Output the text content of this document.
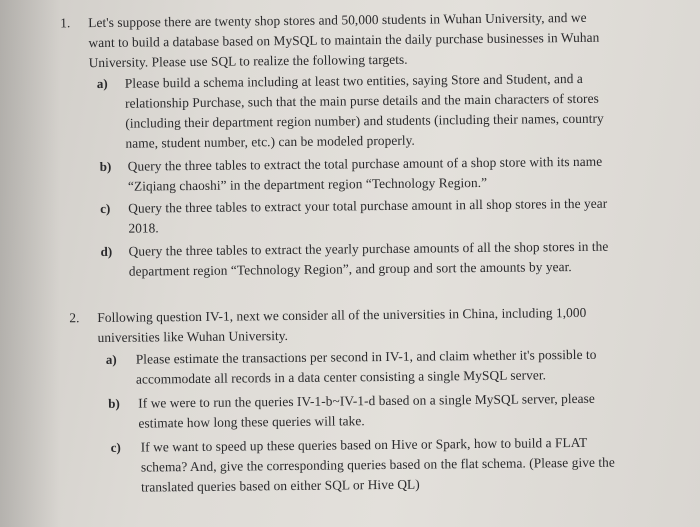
1. Let's suppose there are twenty shop stores and 50,000 students in Wuhan University, and we
want to build a database based on MySQL to maintain the daily purchase businesses in Wuhan
University. Please use SQL to realize the following targets.
a) Please build a schema including at least two entities, saying Store and Student, and a
relationship Purchase, such that the main purse details and the main characters of stores
(including their department region number) and students (including their names, country
name, student number, etc.) can be modeled properly.
b) Query the three tables to extract the total purchase amount of a shop store with its name
“Ziqiang chaoshi” in the department region “Technology Region.”
c) Query the three tables to extract your total purchase amount in all shop stores in the year
2018.
d) Query the three tables to extract the yearly purchase amounts of all the shop stores in the
department region “Technology Region”, and group and sort the amounts by year.
2. Following question IV-1, next we consider all of the universities in China, including 1,000
universities like Wuhan University.
a) Please estimate the transactions per second in IV-1, and claim whether it's possible to
accommodate all records in a data center consisting a single MySQL server.
b) If we were to run the queries IV-1-b~IV-1-d based on a single MySQL server, please
estimate how long these queries will take.
c) If we want to speed up these queries based on Hive or Spark, how to build a FLAT
schema? And, give the corresponding queries based on the flat schema. (Please give the
translated queries based on either SQL or Hive QL)
